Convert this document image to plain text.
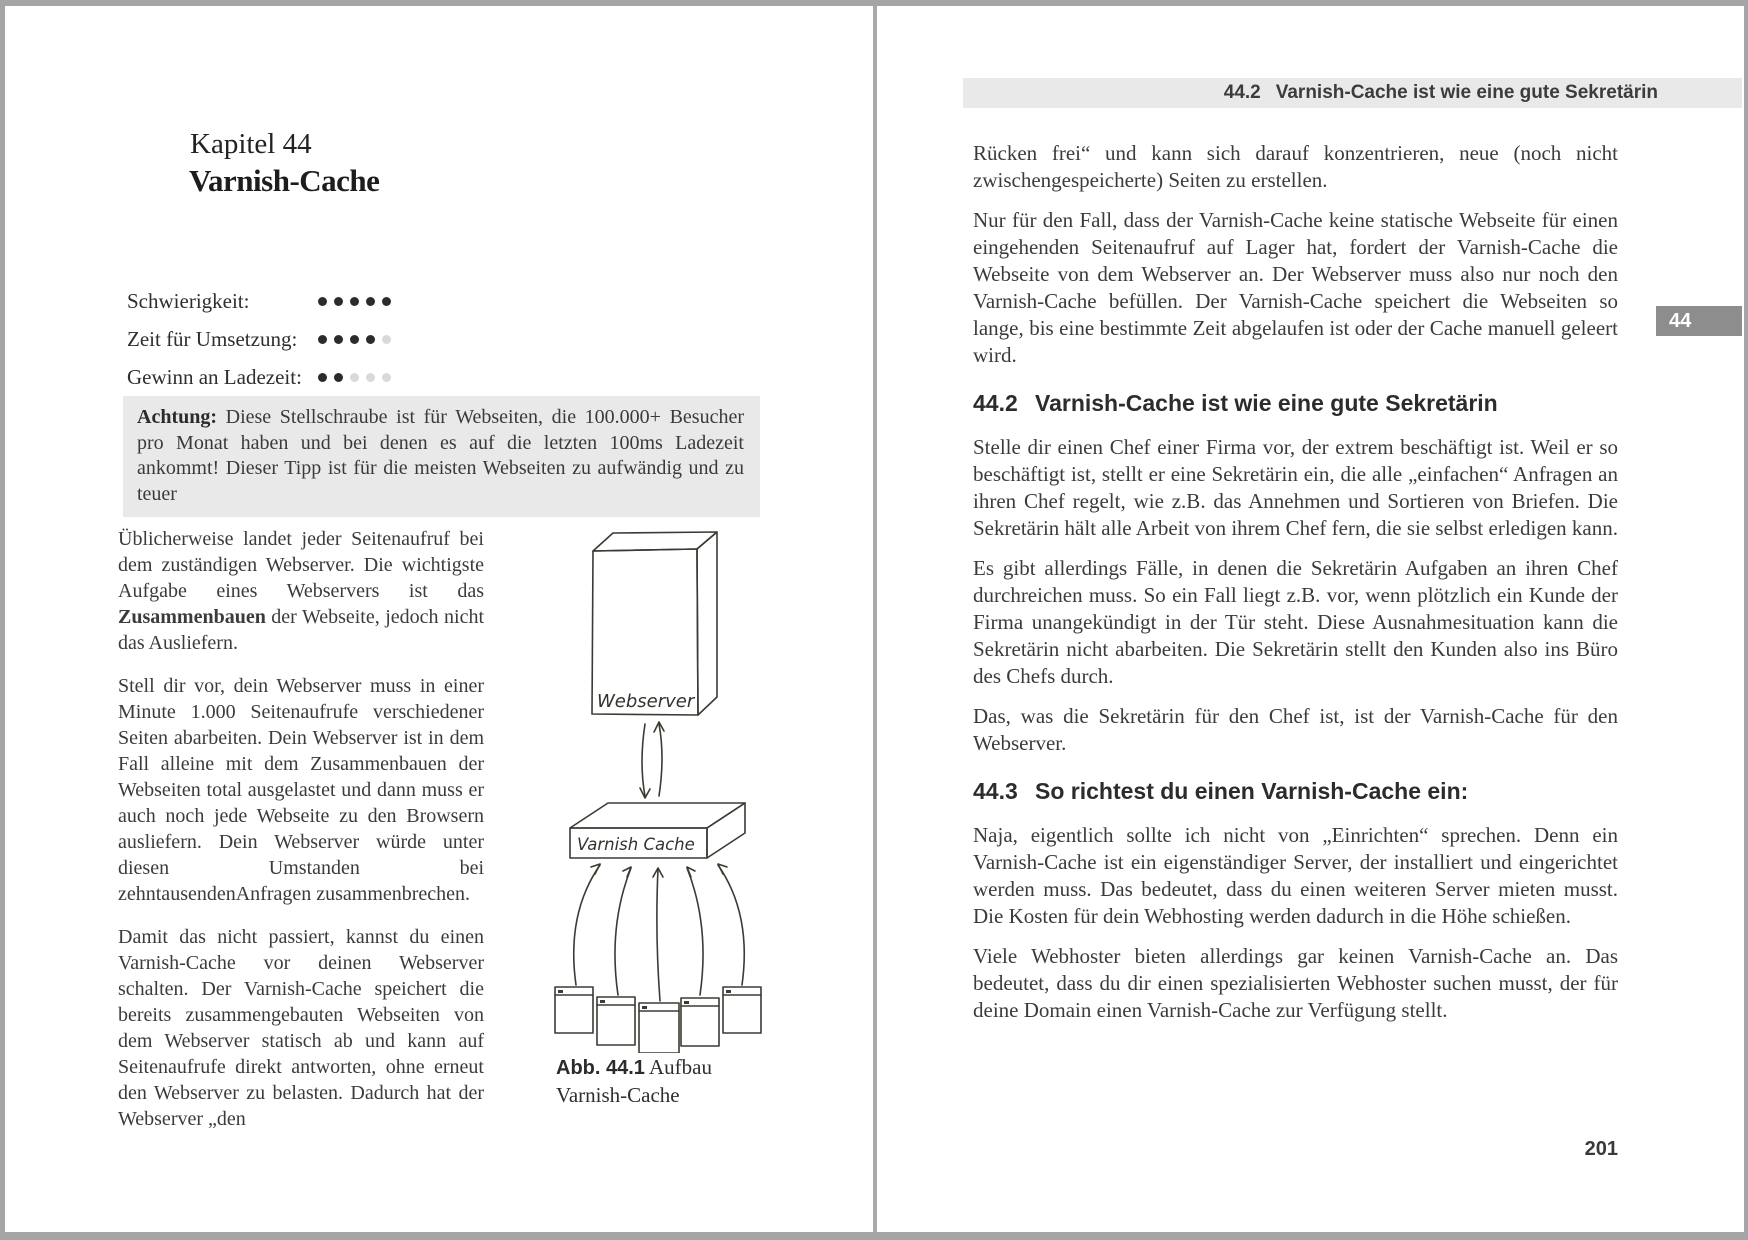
Kapitel 44
Varnish-Cache
Schwierigkeit:
Zeit für Umsetzung:
Gewinn an Ladezeit:
Achtung: Diese Stellschraube ist für Webseiten, die 100.000+ Besucher pro Monat haben und bei denen es auf die letzten 100ms Ladezeit ankommt! Dieser Tipp ist für die meisten Webseiten zu aufwändig und zu teuer

Üblicherweise landet jeder Seitenaufruf bei dem zuständigen Webserver. Die wichtigste Aufgabe eines Webservers ist das Zusammenbauen der Webseite, jedoch nicht das Ausliefern.

Stell dir vor, dein Webserver muss in einer Minute 1.000 Seitenaufrufe verschiedener Seiten abarbeiten. Dein Webserver ist in dem Fall alleine mit dem Zusammenbauen der Webseiten total ausgelastet und dann muss er auch noch jede Webseite zu den Browsern ausliefern. Dein Webserver würde unter diesen Umstanden bei zehntausendenAnfragen zusammenbrechen.

Damit das nicht passiert, kannst du einen Varnish-Cache vor deinen Webserver schalten. Der Varnish-Cache speichert die bereits zusammengebauten Webseiten von dem Webserver statisch ab und kann auf Seitenaufrufe direkt antworten, ohne erneut den Webserver zu belasten. Dadurch hat der Webserver „den

Webserver
Varnish Cache
Abb. 44.1 Aufbau Varnish-Cache
44.2 Varnish-Cache ist wie eine gute Sekretärin
44

Rücken frei“ und kann sich darauf konzentrieren, neue (noch nicht zwischengespeicherte) Seiten zu erstellen.

Nur für den Fall, dass der Varnish-Cache keine statische Webseite für einen eingehenden Seitenaufruf auf Lager hat, fordert der Varnish-Cache die Webseite von dem Webserver an. Der Webserver muss also nur noch den Varnish-Cache befüllen. Der Varnish-Cache speichert die Webseiten so lange, bis eine bestimmte Zeit abgelaufen ist oder der Cache manuell geleert wird.

44.2 Varnish-Cache ist wie eine gute Sekretärin

Stelle dir einen Chef einer Firma vor, der extrem beschäftigt ist. Weil er so beschäftigt ist, stellt er eine Sekretärin ein, die alle „einfachen“ Anfragen an ihren Chef regelt, wie z.B. das Annehmen und Sortieren von Briefen. Die Sekretärin hält alle Arbeit von ihrem Chef fern, die sie selbst erledigen kann.

Es gibt allerdings Fälle, in denen die Sekretärin Aufgaben an ihren Chef durchreichen muss. So ein Fall liegt z.B. vor, wenn plötzlich ein Kunde der Firma unangekündigt in der Tür steht. Diese Ausnahmesituation kann die Sekretärin nicht abarbeiten. Die Sekretärin stellt den Kunden also ins Büro des Chefs durch.

Das, was die Sekretärin für den Chef ist, ist der Varnish-Cache für den Webserver.

44.3 So richtest du einen Varnish-Cache ein:

Naja, eigentlich sollte ich nicht von „Einrichten“ sprechen. Denn ein Varnish-Cache ist ein eigenständiger Server, der installiert und eingerichtet werden muss. Das bedeutet, dass du einen weiteren Server mieten musst. Die Kosten für dein Webhosting werden dadurch in die Höhe schießen.

Viele Webhoster bieten allerdings gar keinen Varnish-Cache an. Das bedeutet, dass du dir einen spezialisierten Webhoster suchen musst, der für deine Domain einen Varnish-Cache zur Verfügung stellt.

201
